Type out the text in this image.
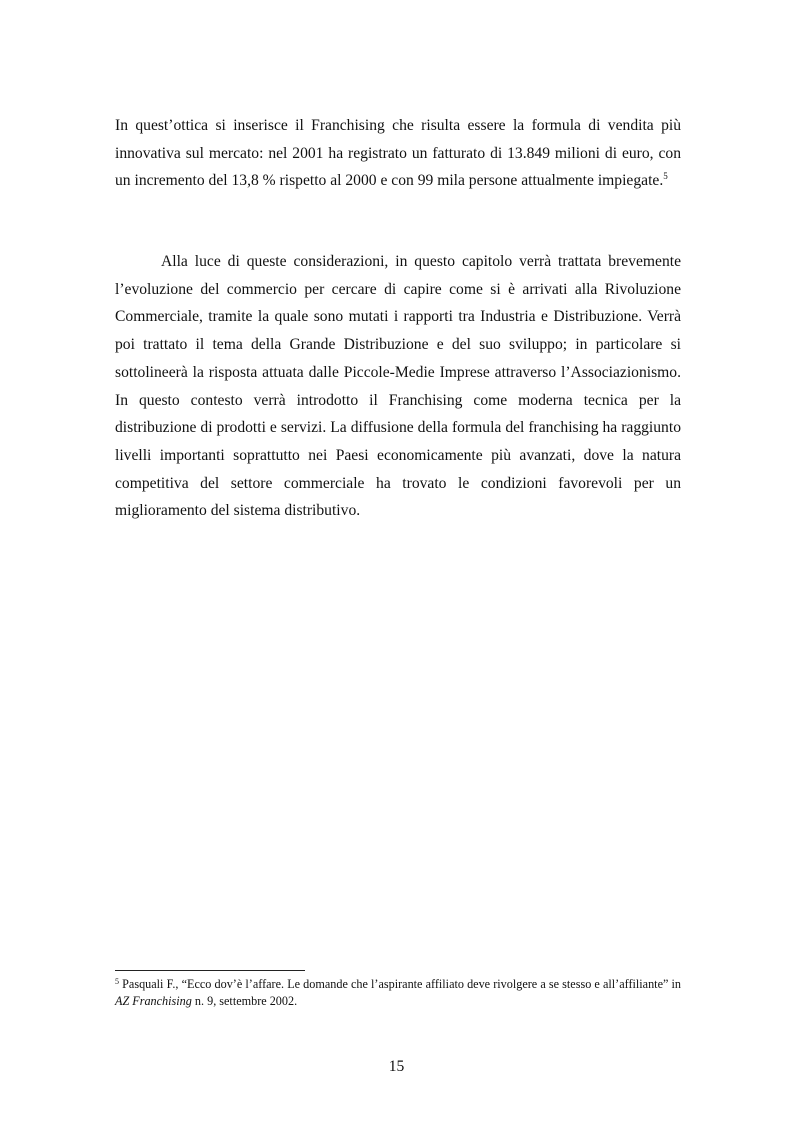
In quest’ottica si inserisce il Franchising che risulta essere la formula di vendita più innovativa sul mercato: nel 2001 ha registrato un fatturato di 13.849 milioni di euro, con un incremento del 13,8 % rispetto al 2000 e con 99 mila persone attualmente impiegate.$^5$

Alla luce di queste considerazioni, in questo capitolo verrà trattata brevemente l’evoluzione del commercio per cercare di capire come si è arrivati alla Rivoluzione Commerciale, tramite la quale sono mutati i rapporti tra Industria e Distribuzione. Verrà poi trattato il tema della Grande Distribuzione e del suo sviluppo; in particolare si sottolineerà la risposta attuata dalle Piccole-Medie Imprese attraverso l’Associazionismo. In questo contesto verrà introdotto il Franchising come moderna tecnica per la distribuzione di prodotti e servizi. La diffusione della formula del franchising ha raggiunto livelli importanti soprattutto nei Paesi economicamente più avanzati, dove la natura competitiva del settore commerciale ha trovato le condizioni favorevoli per un miglioramento del sistema distributivo.

$^5$ Pasquali F., “Ecco dov’è l’affare. Le domande che l’aspirante affiliato deve rivolgere a se stesso e all’affiliante” in AZ Franchising n. 9, settembre 2002.

15
